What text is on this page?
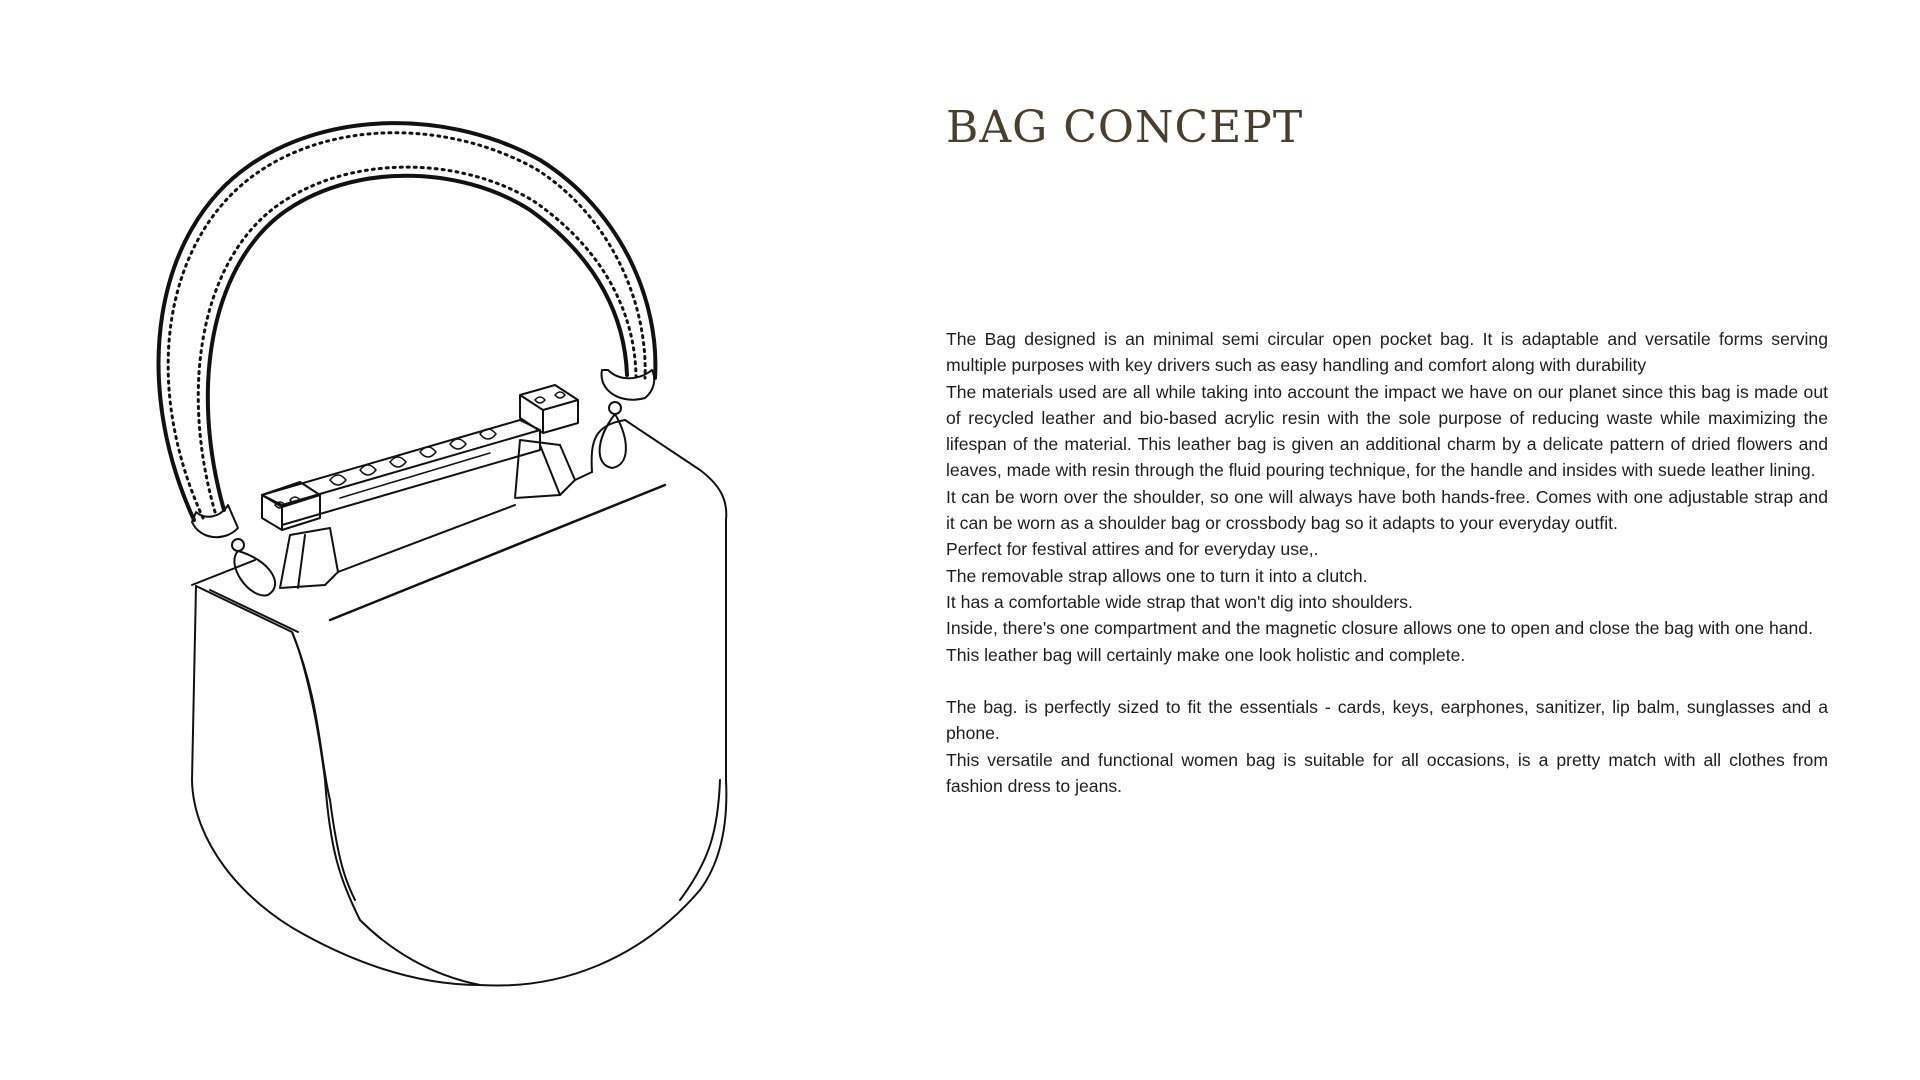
BAG CONCEPT

The Bag designed is an minimal semi circular open pocket bag. It is adaptable and versatile forms serving multiple purposes with key drivers such as easy handling and comfort along with durability

The materials used are all while taking into account the impact we have on our planet since this bag is made out of recycled leather and bio-based acrylic resin with the sole purpose of reducing waste while maximizing the lifespan of the material. This leather bag is given an additional charm by a delicate pattern of dried flowers and leaves, made with resin through the fluid pouring technique, for the handle and insides with suede leather lining.

It can be worn over the shoulder, so one will always have both hands-free. Comes with one adjustable strap and it can be worn as a shoulder bag or crossbody bag so it adapts to your everyday outfit.

Perfect for festival attires and for everyday use,.

The removable strap allows one to turn it into a clutch.

It has a comfortable wide strap that won't dig into shoulders.

Inside, there's one compartment and the magnetic closure allows one to open and close the bag with one hand.

This leather bag will certainly make one look holistic and complete.

The bag. is perfectly sized to fit the essentials - cards, keys, earphones, sanitizer, lip balm, sunglasses and a phone.

This versatile and functional women bag is suitable for all occasions, is a pretty match with all clothes from fashion dress to jeans.
